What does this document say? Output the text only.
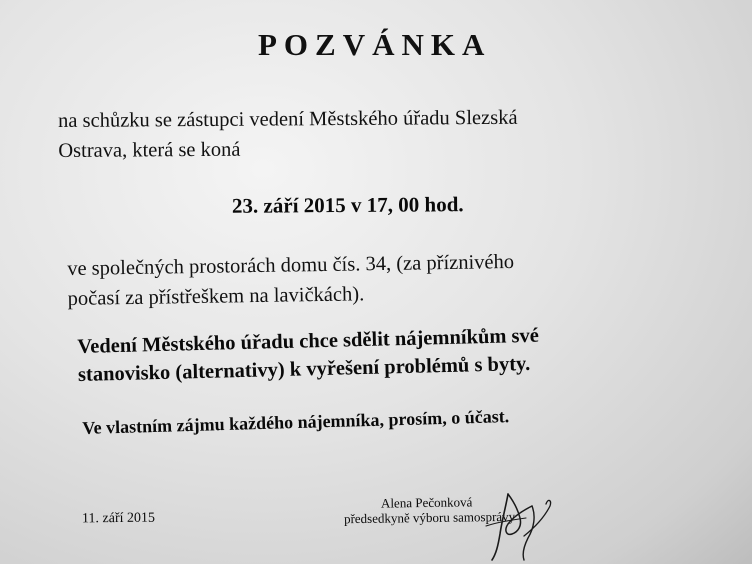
POZVÁNKA
na schůzku se zástupci vedení Městského úřadu Slezská
Ostrava, která se koná
23. září 2015 v 17, 00 hod.
ve společných prostorách domu čís. 34, (za příznivého
počasí za přístřeškem na lavičkách).
Vedení Městského úřadu chce sdělit nájemníkům své
stanovisko (alternativy) k vyřešení problémů s byty.
Ve vlastním zájmu každého nájemníka, prosím, o účast.
11. září 2015
Alena Pečonková
předsedkyně výboru samosprávy
